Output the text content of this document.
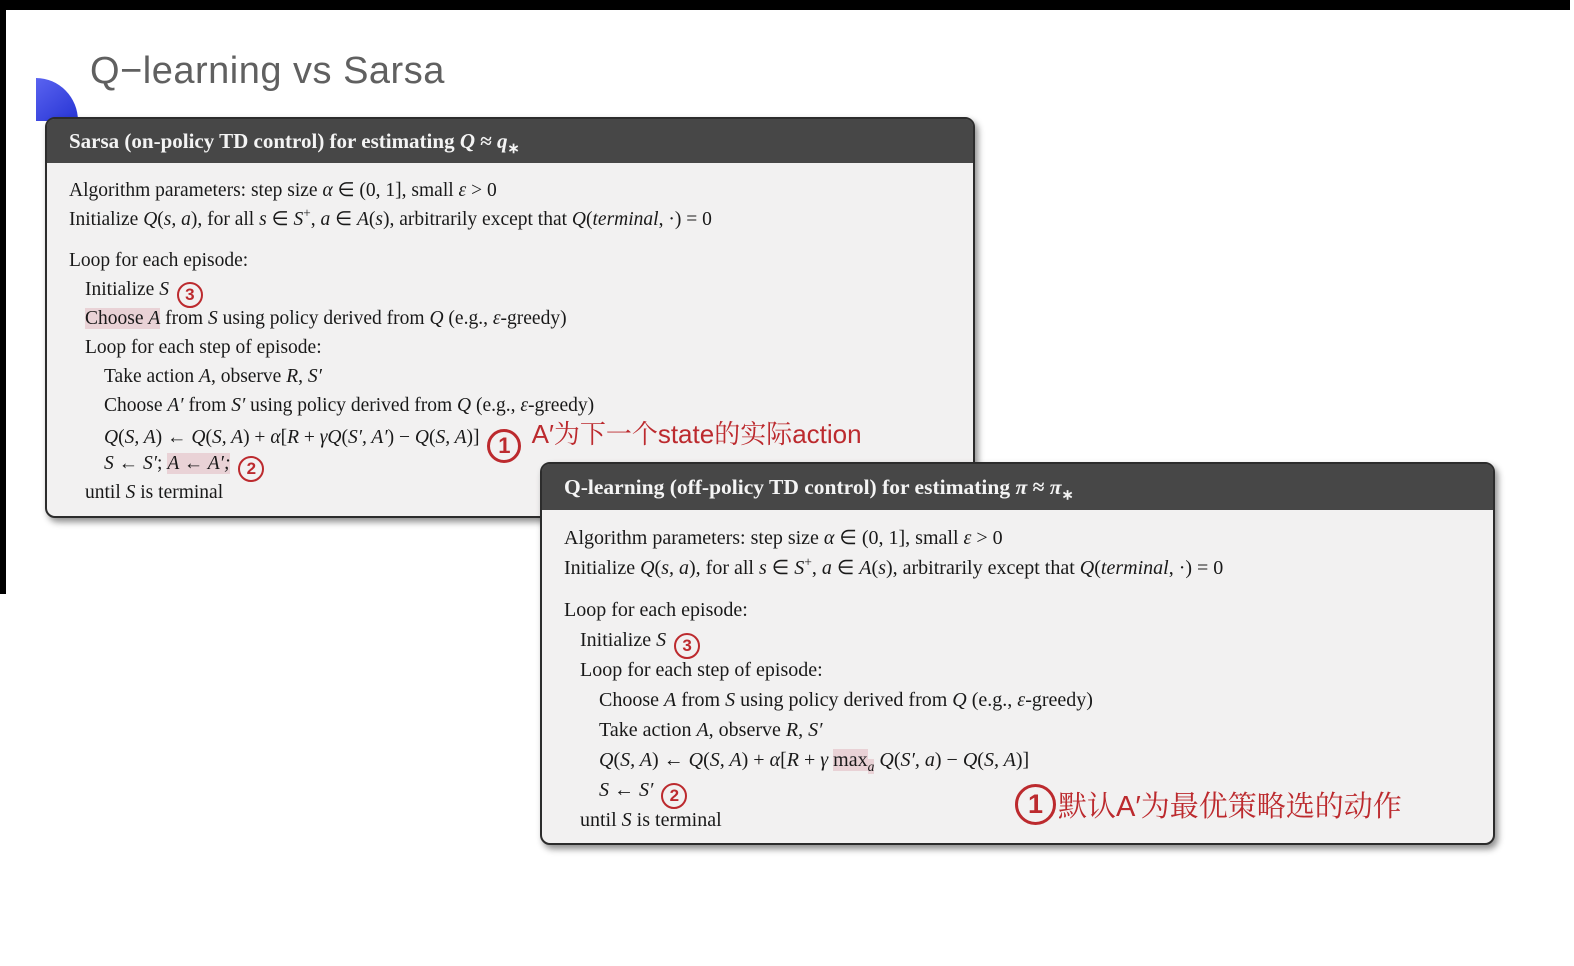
Q−learning vs Sarsa
Sarsa (on-policy TD control) for estimating $Q \approx q_∗$
Algorithm parameters: step size α ∈ (0, 1], small ε > 0
Initialize Q(s, a), for all s ∈ S+, a ∈ A(s), arbitrarily except that Q(terminal, ·) = 0
Loop for each episode:
Initialize S 3
Choose A from S using policy derived from Q (e.g., ε-greedy)
Loop for each step of episode:
Take action A, observe R, S′
Choose A′ from S′ using policy derived from Q (e.g., ε-greedy)
Q(S, A) ← Q(S, A) + α[R + γQ(S′, A′) − Q(S, A)] 1 A′为下一个state的实际action
S ← S′; A ← A′; 2
until S is terminal	Q-learning (off-policy TD control) for estimating $\pi \approx \pi_∗$
Algorithm parameters: step size α ∈ (0, 1], small ε > 0
Initialize Q(s, a), for all s ∈ S+, a ∈ A(s), arbitrarily except that Q(terminal, ·) = 0
Loop for each episode:
Initialize S 3
Loop for each step of episode:
Choose A from S using policy derived from Q (e.g., ε-greedy)
Take action A, observe R, S′
Q(S, A) ← Q(S, A) + α[R + γ $\max_a Q(S'$, a) − Q(S, A)]
S ← S′ 2
until S is terminal
1 默认A′为最优策略选的动作
